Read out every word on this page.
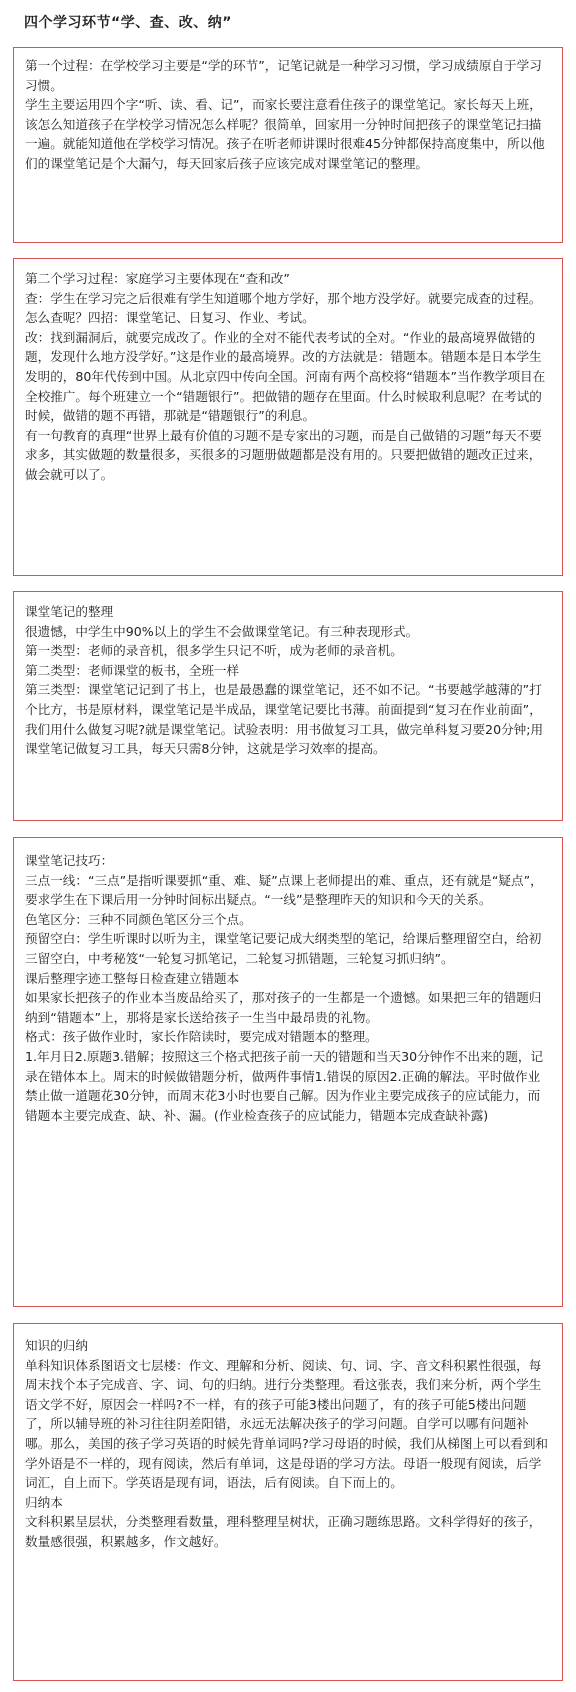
四个学习环节“学、查、改、纳”

第一个过程：在学校学习主要是“学的环节”，记笔记就是一种学习习惯，学习成绩原自于学习习惯。

学生主要运用四个字“听、读、看、记”，而家长要注意看住孩子的课堂笔记。家长每天上班，该怎么知道孩子在学校学习情况怎么样呢？很简单，回家用一分钟时间把孩子的课堂笔记扫描一遍。就能知道他在学校学习情况。孩子在听老师讲课时很难45分钟都保持高度集中，所以他们的课堂笔记是个大漏勺，每天回家后孩子应该完成对课堂笔记的整理。

第二个学习过程：家庭学习主要体现在“查和改”

查：学生在学习完之后很难有学生知道哪个地方学好，那个地方没学好。就要完成查的过程。怎么查呢？四招：课堂笔记、日复习、作业、考试。

改：找到漏洞后，就要完成改了。作业的全对不能代表考试的全对。“作业的最高境界做错的题，发现什么地方没学好。”这是作业的最高境界。改的方法就是：错题本。错题本是日本学生发明的，80年代传到中国。从北京四中传向全国。河南有两个高校将“错题本”当作教学项目在全校推广。每个班建立一个“错题银行”。把做错的题存在里面。什么时候取利息呢？在考试的时候，做错的题不再错，那就是“错题银行”的利息。

有一句教育的真理“世界上最有价值的习题不是专家出的习题，而是自己做错的习题”每天不要求多，其实做题的数量很多，买很多的习题册做题都是没有用的。只要把做错的题改正过来，做会就可以了。

课堂笔记的整理

很遗憾，中学生中90%以上的学生不会做课堂笔记。有三种表现形式。

第一类型：老师的录音机，很多学生只记不听，成为老师的录音机。

第二类型：老师课堂的板书，全班一样

第三类型：课堂笔记记到了书上，也是最愚蠢的课堂笔记，还不如不记。“书要越学越薄的”打个比方，书是原材料，课堂笔记是半成品，课堂笔记要比书薄。前面提到“复习在作业前面”，我们用什么做复习呢?就是课堂笔记。试验表明：用书做复习工具，做完单科复习要20分钟;用课堂笔记做复习工具，每天只需8分钟，这就是学习效率的提高。

课堂笔记技巧：

三点一线：“三点”是指听课要抓“重、难、疑”点课上老师提出的难、重点，还有就是“疑点”，要求学生在下课后用一分钟时间标出疑点。“一线”是整理昨天的知识和今天的关系。

色笔区分：三种不同颜色笔区分三个点。

预留空白：学生听课时以听为主，课堂笔记要记成大纲类型的笔记，给课后整理留空白，给初三留空白，中考秘笈“一轮复习抓笔记，二轮复习抓错题，三轮复习抓归纳”。

课后整理字迹工整每日检查建立错题本

如果家长把孩子的作业本当废品给买了，那对孩子的一生都是一个遗憾。如果把三年的错题归纳到“错题本”上，那将是家长送给孩子一生当中最昂贵的礼物。

格式：孩子做作业时，家长作陪读时，要完成对错题本的整理。

1.年月日2.原题3.错解；按照这三个格式把孩子前一天的错题和当天30分钟作不出来的题，记录在错体本上。周末的时候做错题分析，做两件事情1.错误的原因2.正确的解法。平时做作业禁止做一道题花30分钟，而周末花3小时也要自己解。因为作业主要完成孩子的应试能力，而错题本主要完成查、缺、补、漏。(作业检查孩子的应试能力，错题本完成查缺补露)

知识的归纳

单科知识体系图语文七层楼：作文、理解和分析、阅读、句、词、字、音文科积累性很强，每周末找个本子完成音、字、词、句的归纳。进行分类整理。看这张表，我们来分析，两个学生语文学不好，原因会一样吗?不一样，有的孩子可能3楼出问题了，有的孩子可能5楼出问题了，所以辅导班的补习往往阴差阳错，永远无法解决孩子的学习问题。自学可以哪有问题补哪。那么，美国的孩子学习英语的时候先背单词吗?学习母语的时候，我们从梯图上可以看到和学外语是不一样的，现有阅读，然后有单词，这是母语的学习方法。母语一般现有阅读，后学词汇，自上而下。学英语是现有词，语法，后有阅读。自下而上的。

归纳本

文科积累呈层状，分类整理看数量，理科整理呈树状，正确习题练思路。文科学得好的孩子，数量感很强，积累越多，作文越好。
